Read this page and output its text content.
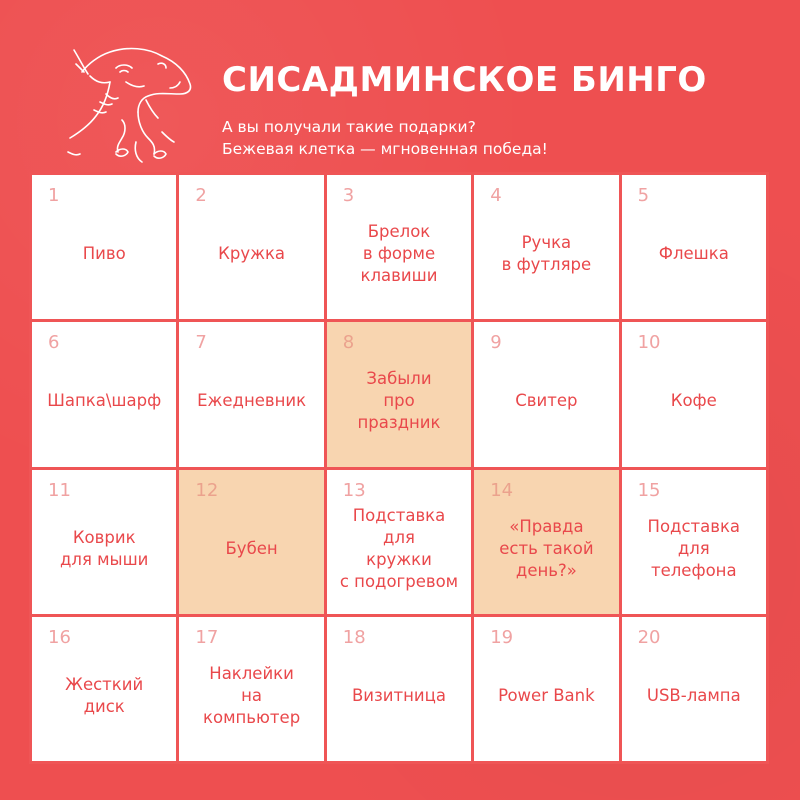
СИСАДМИНСКОЕ БИНГО
А вы получали такие подарки?
Бежевая клетка — мгновенная победа!
1
Пиво
2
Кружка
3
Брелок
в форме
клавиши
4
Ручка
в футляре
5
Флешка
6
Шапка\шарф
7
Ежедневник
8
Забыли
про
праздник
9
Свитер
10
Кофе
11
Коврик
для мыши
12
Бубен
13
Подставка
для
кружки
с подогревом
14
«Правда
есть такой
день?»
15
Подставка
для
телефона
16
Жесткий
диск
17
Наклейки
на
компьютер
18
Визитница
19
Power Bank
20
USB-лампа
